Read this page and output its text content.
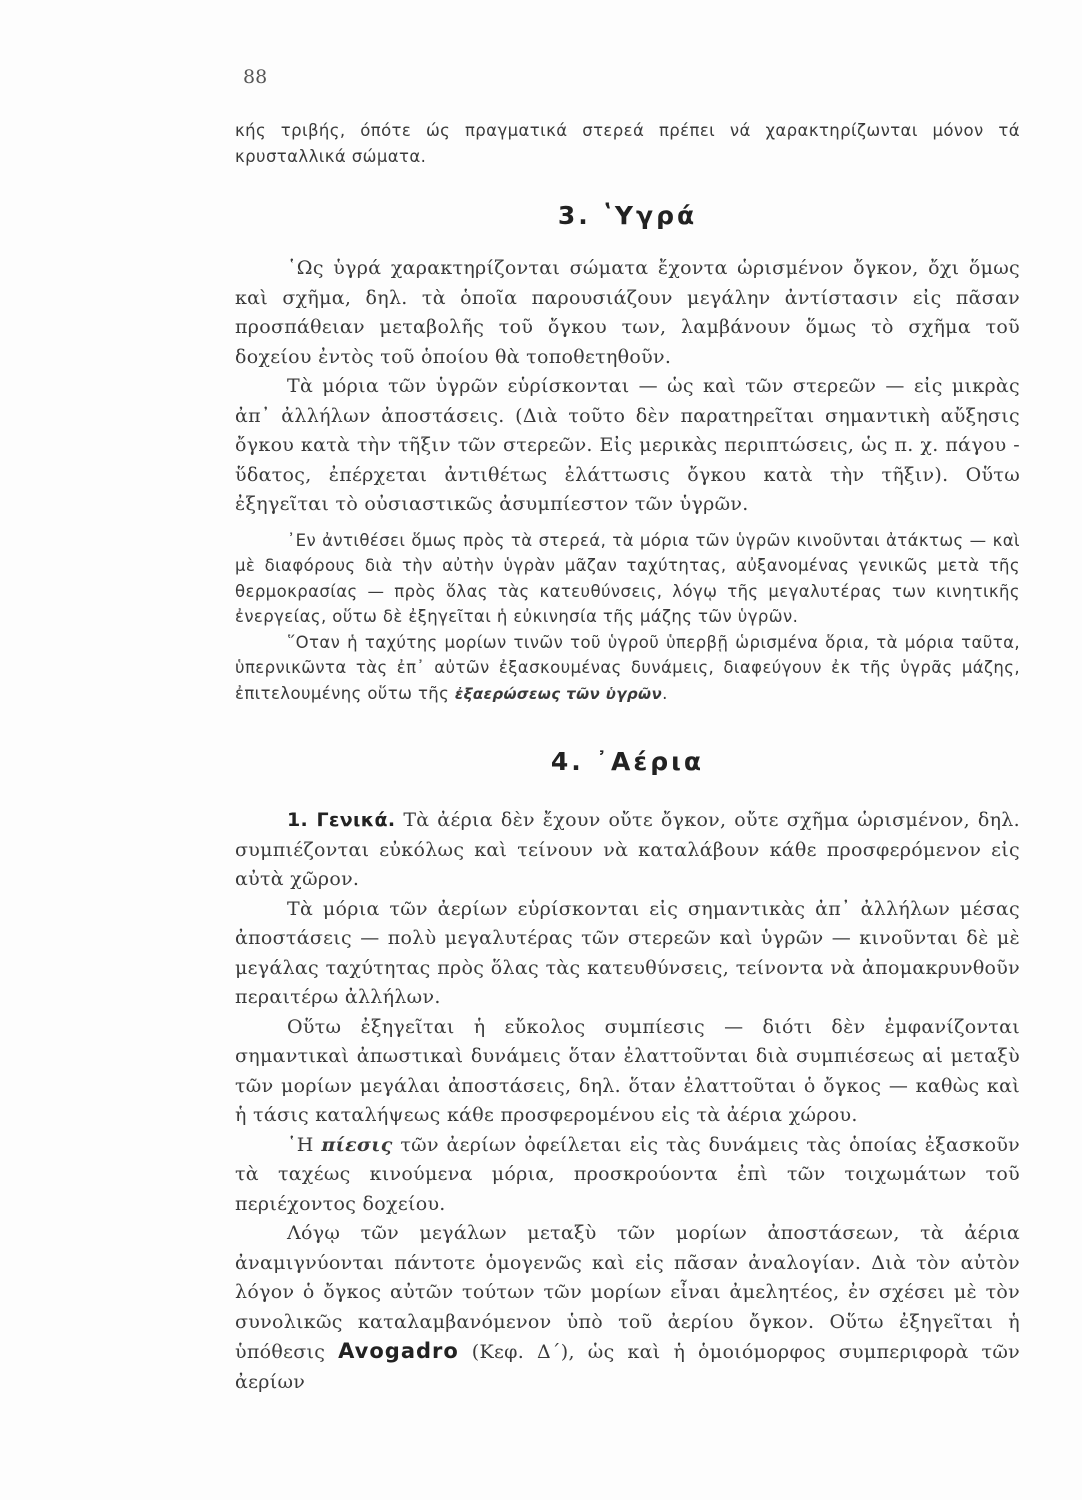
88

κής τριβής, όπότε ώς πραγματικά στερεά πρέπει νά χαρακτηρίζωνται μόνον τά κρυσταλλικά σώματα.

3. ʽΥγρά

῾Ως ὑγρά χαρακτηρίζονται σώματα ἔχοντα ὡρισμένον ὄγκον, ὄχι ὅμως καὶ σχῆμα, δηλ. τὰ ὁποῖα παρουσιάζουν μεγάλην ἀντίστασιν εἰς πᾶσαν προσπάθειαν μεταβολῆς τοῦ ὄγκου των, λαμβάνουν ὅμως τὸ σχῆμα τοῦ δοχείου ἐντὸς τοῦ ὁποίου θὰ τοποθετηθοῦν.

Τὰ μόρια τῶν ὑγρῶν εὑρίσκονται — ὡς καὶ τῶν στερεῶν — εἰς μικρὰς ἀπ᾽ ἀλλήλων ἀποστάσεις. (Διὰ τοῦτο δὲν παρατηρεῖται σημαντικὴ αὔξησις ὄγκου κατὰ τὴν τῆξιν τῶν στερεῶν. Εἰς μερικὰς περιπτώσεις, ὡς π. χ. πάγου - ὕδατος, ἐπέρχεται ἀντιθέτως ἐλάττωσις ὄγκου κατὰ τὴν τῆξιν). Οὕτω ἐξηγεῖται τὸ οὐσιαστικῶς ἀσυμπίεστον τῶν ὑγρῶν.

᾿Εν ἀντιθέσει ὅμως πρὸς τὰ στερεά, τὰ μόρια τῶν ὑγρῶν κινοῦνται ἀτάκτως — καὶ μὲ διαφόρους διὰ τὴν αὐτὴν ὑγρὰν μᾶζαν ταχύτητας, αὐξανομένας γενικῶς μετὰ τῆς θερμοκρασίας — πρὸς ὅλας τὰς κατευθύνσεις, λόγῳ τῆς μεγαλυτέρας των κινητικῆς ἐνεργείας, οὕτω δὲ ἐξηγεῖται ἡ εὐκινησία τῆς μάζης τῶν ὑγρῶν.

῞Οταν ἡ ταχύτης μορίων τινῶν τοῦ ὑγροῦ ὑπερβῇ ὡρισμένα ὅρια, τὰ μόρια ταῦτα, ὑπερνικῶντα τὰς ἐπ᾽ αὐτῶν ἐξασκουμένας δυνάμεις, διαφεύγουν ἐκ τῆς ὑγρᾶς μάζης, ἐπιτελουμένης οὕτω τῆς ἐξαερώσεως τῶν ὑγρῶν.

4. ᾿Αέρια

1. Γενικά. Τὰ ἀέρια δὲν ἔχουν οὔτε ὄγκον, οὔτε σχῆμα ὡρισμένον, δηλ. συμπιέζονται εὐκόλως καὶ τείνουν νὰ καταλάβουν κάθε προσφερόμενον εἰς αὐτὰ χῶρον.

Τὰ μόρια τῶν ἀερίων εὑρίσκονται εἰς σημαντικὰς ἀπ᾽ ἀλλήλων μέσας ἀποστάσεις — πολὺ μεγαλυτέρας τῶν στερεῶν καὶ ὑγρῶν — κινοῦνται δὲ μὲ μεγάλας ταχύτητας πρὸς ὅλας τὰς κατευθύνσεις, τείνοντα νὰ ἀπομακρυνθοῦν περαιτέρω ἀλλήλων.

Οὕτω ἐξηγεῖται ἡ εὔκολος συμπίεσις — διότι δὲν ἐμφανίζονται σημαντικαὶ ἀπωστικαὶ δυνάμεις ὅταν ἐλαττοῦνται διὰ συμπιέσεως αἱ μεταξὺ τῶν μορίων μεγάλαι ἀποστάσεις, δηλ. ὅταν ἐλαττοῦται ὁ ὄγκος — καθὼς καὶ ἡ τάσις καταλήψεως κάθε προσφερομένου εἰς τὰ ἀέρια χώρου.

῾Η πίεσις τῶν ἀερίων ὀφείλεται εἰς τὰς δυνάμεις τὰς ὁποίας ἐξασκοῦν τὰ ταχέως κινούμενα μόρια, προσκρούοντα ἐπὶ τῶν τοιχωμάτων τοῦ περιέχοντος δοχείου.

Λόγῳ τῶν μεγάλων μεταξὺ τῶν μορίων ἀποστάσεων, τὰ ἀέρια ἀναμιγνύονται πάντοτε ὁμογενῶς καὶ εἰς πᾶσαν ἀναλογίαν. Διὰ τὸν αὐτὸν λόγον ὁ ὄγκος αὐτῶν τούτων τῶν μορίων εἶναι ἀμελητέος, ἐν σχέσει μὲ τὸν συνολικῶς καταλαμβανόμενον ὑπὸ τοῦ ἀερίου ὄγκον. Οὕτω ἐξηγεῖται ἡ ὑπόθεσις Avogadro (Κεφ. Δ΄), ὡς καὶ ἡ ὁμοιόμορφος συμπεριφορὰ τῶν ἀερίων
